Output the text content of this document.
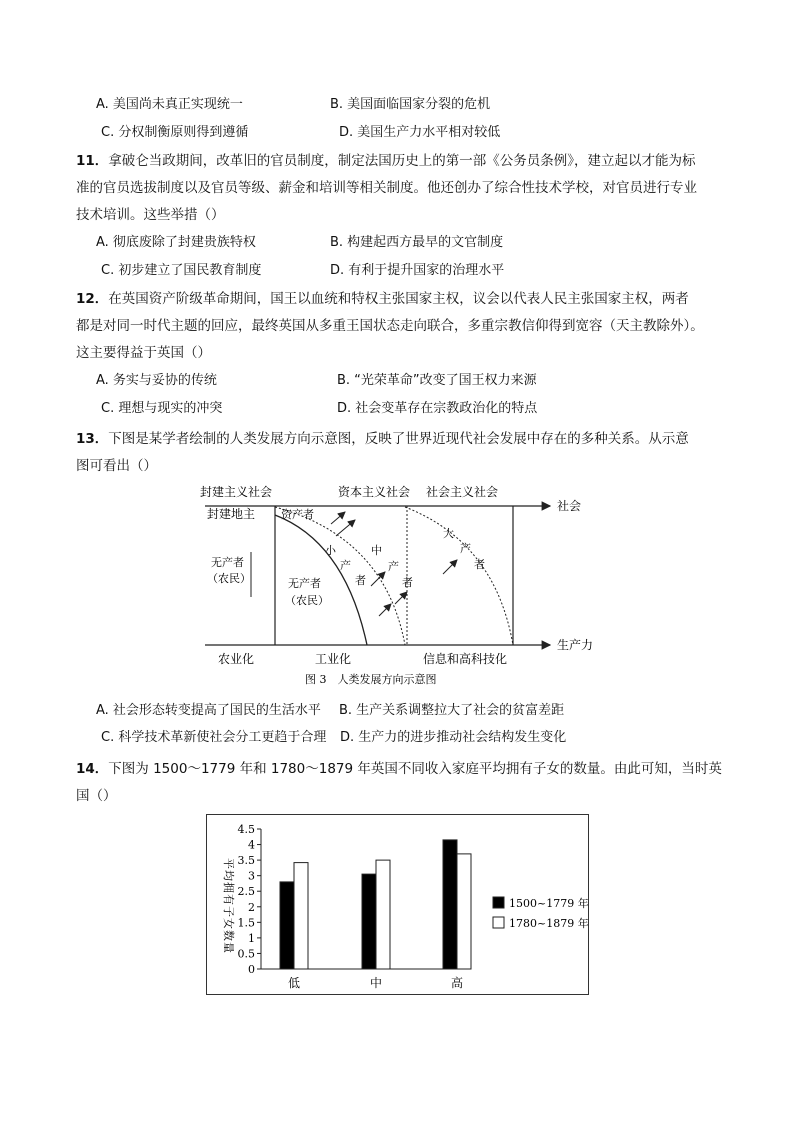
A. 美国尚未真正实现统一	B. 美国面临国家分裂的危机
C. 分权制衡原则得到遵循	D. 美国生产力水平相对较低
11．拿破仑当政期间，改革旧的官员制度，制定法国历史上的第一部《公务员条例》，建立起以才能为标
准的官员选拔制度以及官员等级、薪金和培训等相关制度。他还创办了综合性技术学校，对官员进行专业
技术培训。这些举措（）
A. 彻底废除了封建贵族特权	B. 构建起西方最早的文官制度
C. 初步建立了国民教育制度	D. 有利于提升国家的治理水平
12．在英国资产阶级革命期间，国王以血统和特权主张国家主权，议会以代表人民主张国家主权，两者
都是对同一时代主题的回应，最终英国从多重王国状态走向联合，多重宗教信仰得到宽容（天主教除外）。
这主要得益于英国（）
A. 务实与妥协的传统	B. “光荣革命”改变了国王权力来源
C. 理想与现实的冲突	D. 社会变革存在宗教政治化的特点
13．下图是某学者绘制的人类发展方向示意图，反映了世界近现代社会发展中存在的多种关系。从示意
图可看出（）
封建主义社会	资本主义社会 社会主义社会
社会
生产力
封建地主 资产者
无产者
（农民）	无产者
（农民）
小
产
者
中
产
者
大
产
者
农业化	工业化	信息和高科技化
图 3　人类发展方向示意图
A. 社会形态转变提高了国民的生活水平 B. 生产关系调整拉大了社会的贫富差距
C. 科学技术革新使社会分工更趋于合理 D. 生产力的进步推动社会结构发生变化
14．下图为 1500～1779 年和 1780～1879 年英国不同收入家庭平均拥有子女的数量。由此可知，当时英
国（）
平均拥有子女数量
0
0.5
1
1.5
2
2.5
3
3.5
4
4.5
低	中	高
1500~1779 年
1780~1879 年
